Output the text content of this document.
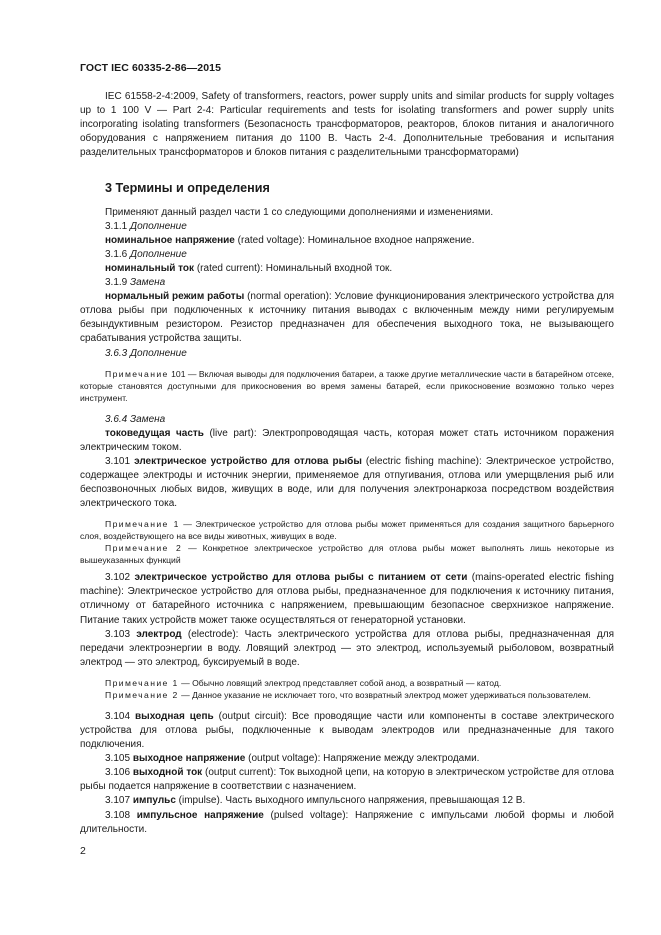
ГОСТ IEC 60335-2-86—2015

IEC 61558-2-4:2009, Safety of transformers, reactors, power supply units and similar products for supply voltages up to 1 100 V — Part 2-4: Particular requirements and tests for isolating transformers and power supply units incorporating isolating transformers (Безопасность трансформаторов, реакторов, блоков питания и аналогичного оборудования с напряжением питания до 1100 В. Часть 2-4. Дополнительные требования и испытания разделительных трансформаторов и блоков питания с разделительными трансформаторами)

3 Термины и определения

Применяют данный раздел части 1 со следующими дополнениями и изменениями.

3.1.1 Дополнение

номинальное напряжение (rated voltage): Номинальное входное напряжение.

3.1.6 Дополнение

номинальный ток (rated current): Номинальный входной ток.

3.1.9 Замена

нормальный режим работы (normal operation): Условие функционирования электрического устройства для отлова рыбы при подключенных к источнику питания выводах с включенным между ними регулируемым безындуктивным резистором. Резистор предназначен для обеспечения выходного тока, не вызывающего срабатывания устройства защиты.

3.6.3 Дополнение

Примечание 101 — Включая выводы для подключения батареи, а также другие металлические части в батарейном отсеке, которые становятся доступными для прикосновения во время замены батарей, если прикосновение возможно только через инструмент.

3.6.4 Замена

токоведущая часть (live part): Электропроводящая часть, которая может стать источником поражения электрическим током.

3.101 электрическое устройство для отлова рыбы (electric fishing machine): Электрическое устройство, содержащее электроды и источник энергии, применяемое для отпугивания, отлова или умерщвления рыб или беспозвоночных любых видов, живущих в воде, или для получения электронаркоза посредством воздействия электрического тока.

Примечание 1 — Электрическое устройство для отлова рыбы может применяться для создания защитного барьерного слоя, воздействующего на все виды животных, живущих в воде.

Примечание 2 — Конкретное электрическое устройство для отлова рыбы может выполнять лишь некоторые из вышеуказанных функций

3.102 электрическое устройство для отлова рыбы с питанием от сети (mains-operated electric fishing machine): Электрическое устройство для отлова рыбы, предназначенное для подключения к источнику питания, отличному от батарейного источника с напряжением, превышающим безопасное сверхнизкое напряжение. Питание таких устройств может также осуществляться от генераторной установки.

3.103 электрод (electrode): Часть электрического устройства для отлова рыбы, предназначенная для передачи электроэнергии в воду. Ловящий электрод — это электрод, используемый рыболовом, возвратный электрод — это электрод, буксируемый в воде.

Примечание 1 — Обычно ловящий электрод представляет собой анод, а возвратный — катод.

Примечание 2 — Данное указание не исключает того, что возвратный электрод может удерживаться пользователем.

3.104 выходная цепь (output circuit): Все проводящие части или компоненты в составе электрического устройства для отлова рыбы, подключенные к выводам электродов или предназначенные для такого подключения.

3.105 выходное напряжение (output voltage): Напряжение между электродами.

3.106 выходной ток (output current): Ток выходной цепи, на которую в электрическом устройстве для отлова рыбы подается напряжение в соответствии с назначением.

3.107 импульс (impulse). Часть выходного импульсного напряжения, превышающая 12 В.

3.108 импульсное напряжение (pulsed voltage): Напряжение с импульсами любой формы и любой длительности.

2
